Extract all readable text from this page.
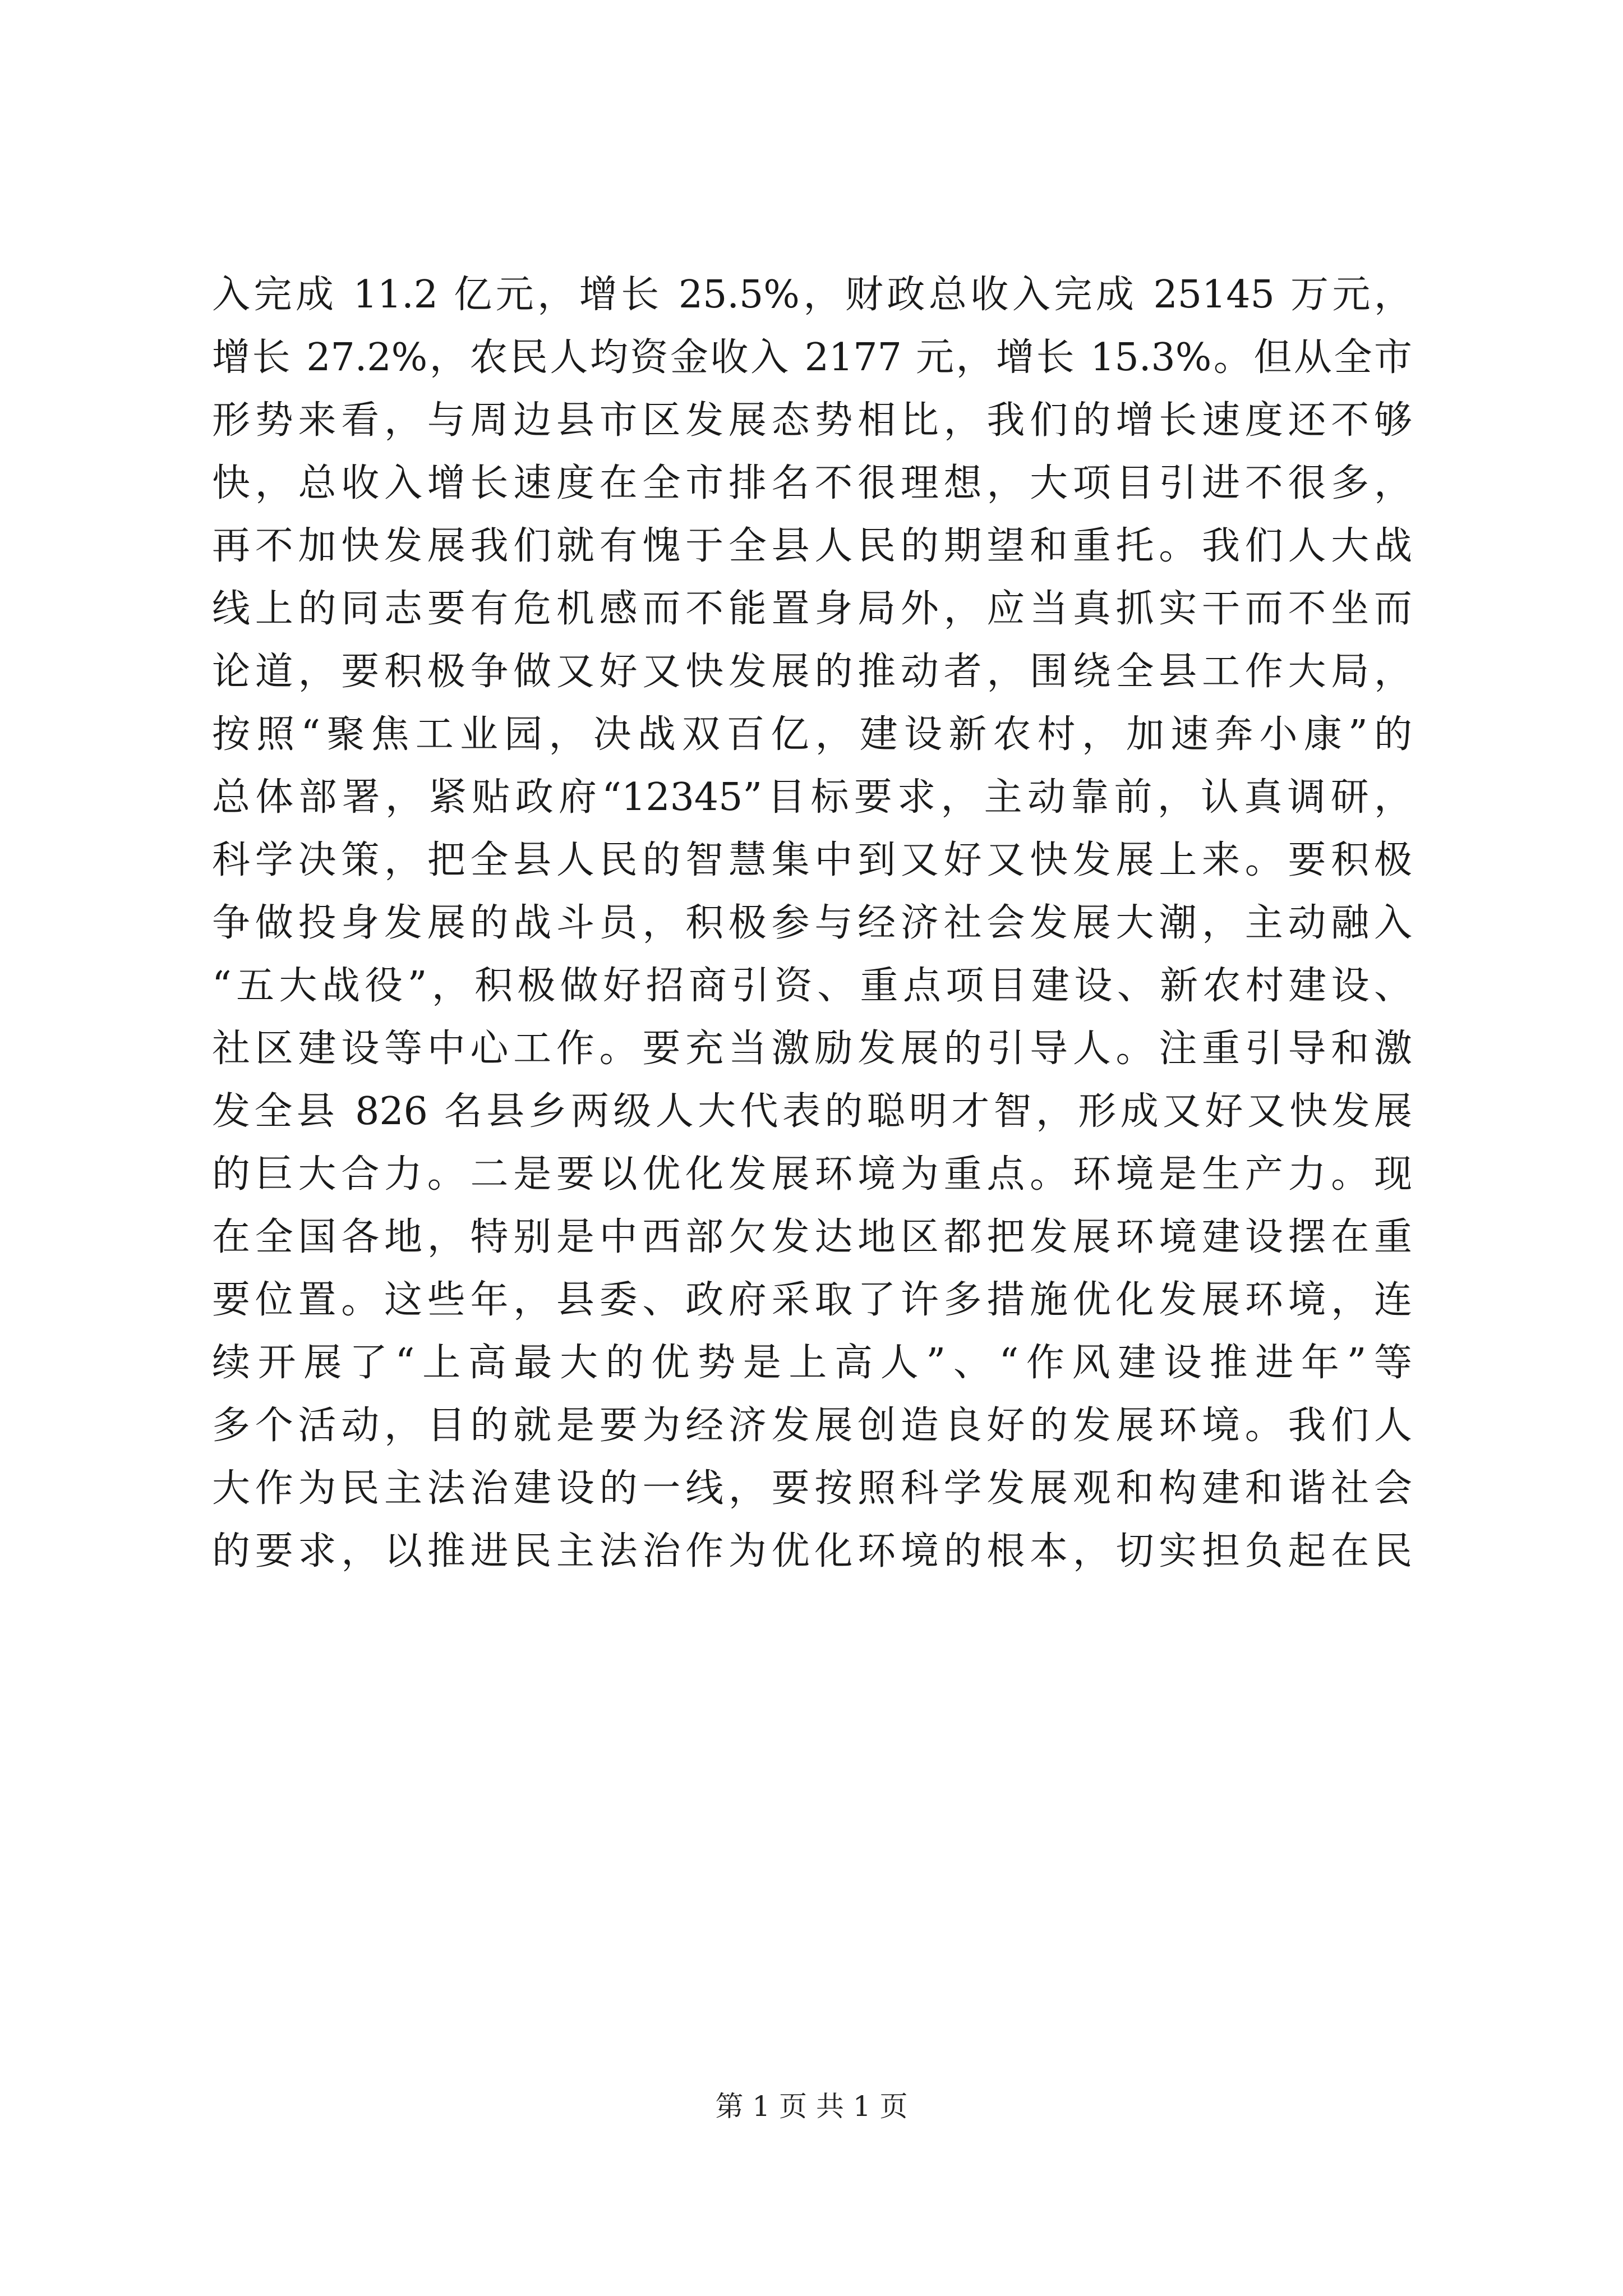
入完成 11.2 亿元，增长 25.5%，财政总收入完成 25145 万元，
增长 27.2%，农民人均资金收入 2177 元，增长 15.3%。但从全市
形势来看，与周边县市区发展态势相比，我们的增长速度还不够
快，总收入增长速度在全市排名不很理想，大项目引进不很多，
再不加快发展我们就有愧于全县人民的期望和重托。我们人大战
线上的同志要有危机感而不能置身局外，应当真抓实干而不坐而
论道，要积极争做又好又快发展的推动者，围绕全县工作大局，
按照“聚焦工业园，决战双百亿，建设新农村，加速奔小康”的
总体部署，紧贴政府“12345”目标要求，主动靠前，认真调研，
科学决策，把全县人民的智慧集中到又好又快发展上来。要积极
争做投身发展的战斗员，积极参与经济社会发展大潮，主动融入
“五大战役”，积极做好招商引资、重点项目建设、新农村建设、
社区建设等中心工作。要充当激励发展的引导人。注重引导和激
发全县 826 名县乡两级人大代表的聪明才智，形成又好又快发展
的巨大合力。二是要以优化发展环境为重点。环境是生产力。现
在全国各地，特别是中西部欠发达地区都把发展环境建设摆在重
要位置。这些年，县委、政府采取了许多措施优化发展环境，连
续开展了“上高最大的优势是上高人”、“作风建设推进年”等
多个活动，目的就是要为经济发展创造良好的发展环境。我们人
大作为民主法治建设的一线，要按照科学发展观和构建和谐社会
的要求，以推进民主法治作为优化环境的根本，切实担负起在民
第 1 页 共 1 页
